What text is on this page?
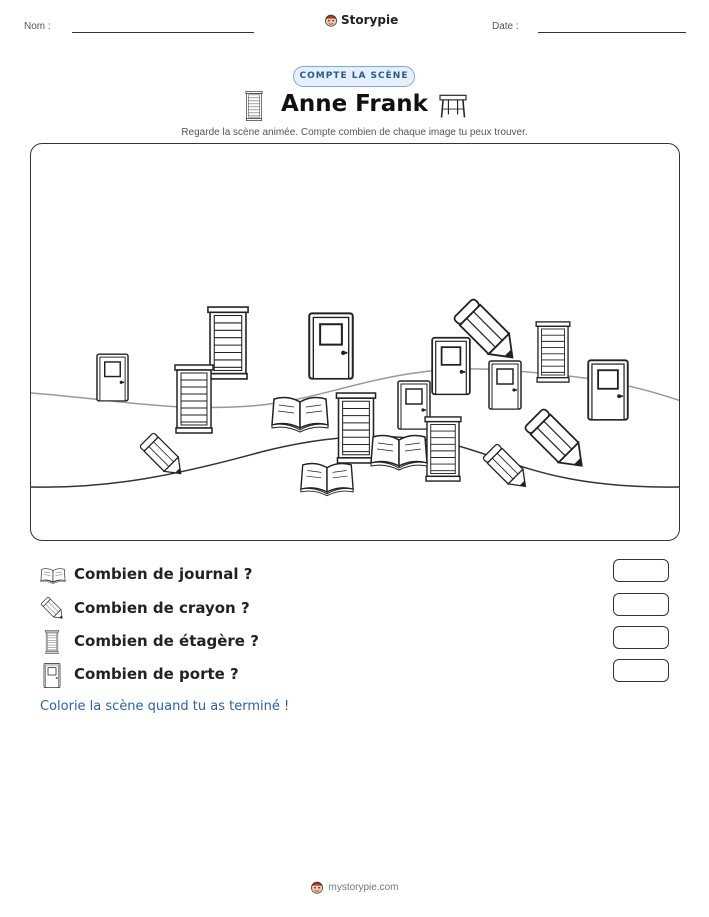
Nom :	Storypie	Date :
COMPTE LA SCÈNE
Anne Frank
Regarde la scène animée. Compte combien de chaque image tu peux trouver.
Combien de journal ?
Combien de crayon ?
Combien de étagère ?
Combien de porte ?
Colorie la scène quand tu as terminé !
mystorypie.com
